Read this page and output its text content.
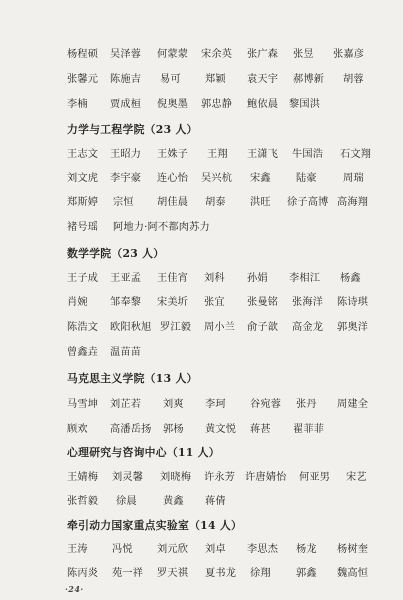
杨程硕 吴泽蓉 何蒙蒙 宋余英 张广森 张昱 张嘉彦
张馨元 陈施吉 易可 郑颖 袁天宇 郝博新 胡蓉
李楠 贾成桓 倪奥墨 郭忠静 鲍依晨 黎国洪
力学与工程学院（23 人）
王志文 王昭力 王姝子 王翔 王潇飞 牛国浩 石文翔
刘文虎 李宇豪 连心怡 吴兴杭 宋鑫 陆豪	周瑞
郑斯婷 宗恒 胡佳晨 胡泰 洪旺 徐子高博 高海翔
褚号瑶 阿地力·阿不都肉苏力
数学学院（23 人）
王子成 王亚孟 王佳宵 刘科 孙娟 李相江 杨鑫
肖婉 邹奉黎 宋美圻 张宜 张曼铭 张海洋 陈诗琪
陈浩文 欧阳秋旭 罗江毅 周小兰 俞子歆 高金龙 郭奥洋
曾鑫垚 温苗苗
马克思主义学院（13 人）
马雪坤 刘芷若 刘爽 李珂 谷宛蓉 张丹 周建全
顾欢 高潘岳扬 郭杨 黄文悦 蒋甚 翟菲菲
心理研究与咨询中心（11 人）
王婧梅 刘灵馨 刘晓梅 许永芳 许唐婧怡 何亚男 宋艺
张哲毅 徐晨	黄鑫 蒋倩
牵引动力国家重点实验室（14 人）
王涛 冯悦 刘元欣 刘卓 李思杰 杨龙 杨树奎
·24·
陈丙炎 苑一祥 罗天祺 夏书龙 徐翔 郭鑫 魏高恒
